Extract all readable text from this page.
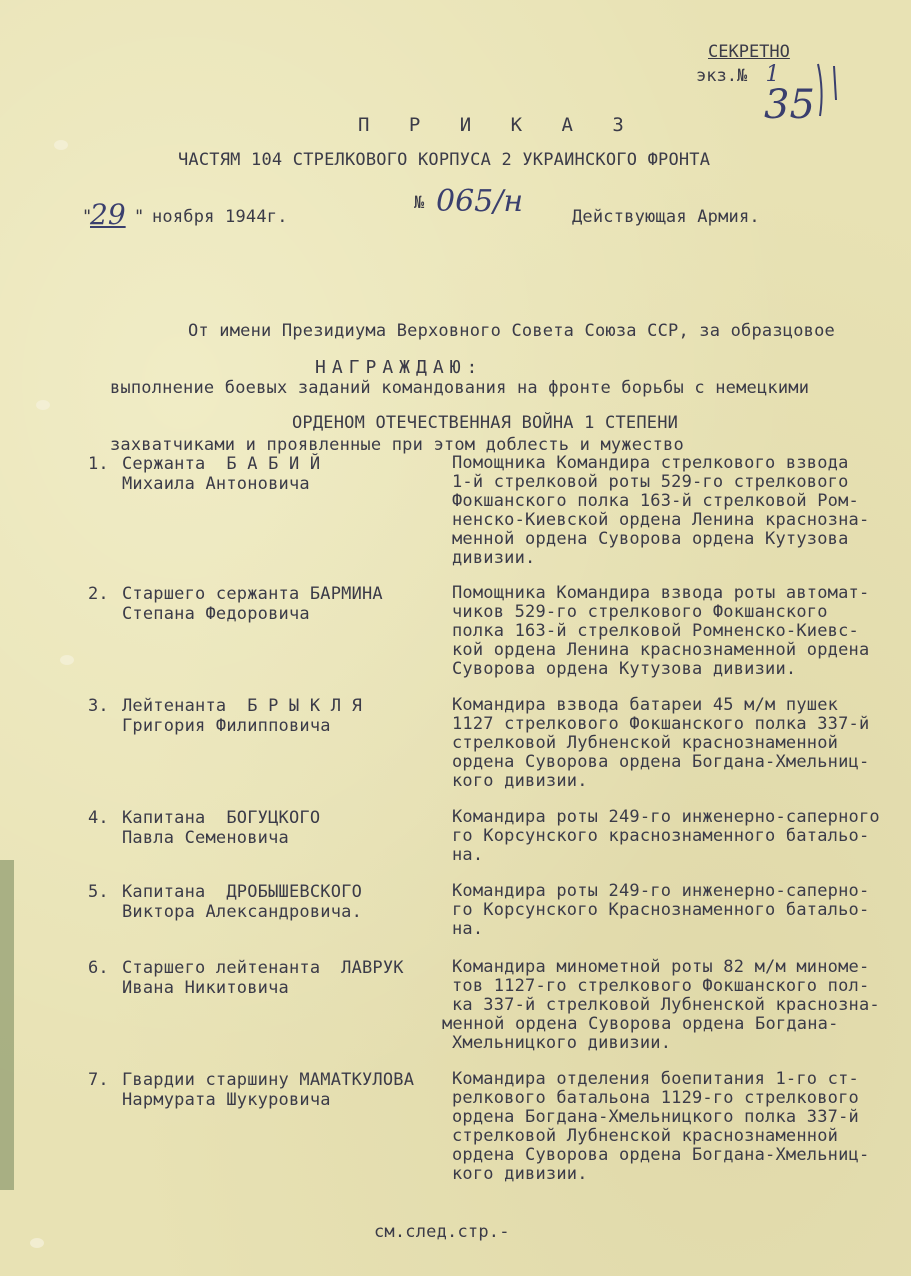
СЕКРЕТНО
экз.№ 1
35
П Р И К А З
ЧАСТЯМ 104 СТРЕЛКОВОГО КОРПУСА 2 УКРАИНСКОГО ФРОНТА
"
29 " ноября 1944г.
№ 065/н	Действующая Армия.

От имени Президиума Верховного Совета Союза ССР, за образцовое

выполнение боевых заданий командования на фронте борьбы с немецкими

захватчиками и проявленные при этом доблесть и мужество

НАГРАЖДАЮ:
ОРДЕНОМ ОТЕЧЕСТВЕННАЯ ВОЙНА 1 СТЕПЕНИ
1. Сержанта  Б А Б И Й
Михаила Антоновича
Помощника Командира стрелкового взвода
1-й стрелковой роты 529-го стрелкового
Фокшанского полка 163-й стрелковой Ром-
ненско-Киевской ордена Ленина краснозна-
менной ордена Суворова ордена Кутузова
дивизии.
2. Старшего сержанта БАРМИНА
Степана Федоровича
Помощника Командира взвода роты автомат-
чиков 529-го стрелкового Фокшанского
полка 163-й стрелковой Ромненско-Киевс-
кой ордена Ленина краснознаменной ордена
Суворова ордена Кутузова дивизии.
3. Лейтенанта  Б Р Ы К Л Я
Григория Филипповича
Командира взвода батареи 45 м/м пушек
1127 стрелкового Фокшанского полка 337-й
стрелковой Лубненской краснознаменной
ордена Суворова ордена Богдана-Хмельниц-
кого дивизии.
4. Капитана  БОГУЦКОГО
Павла Семеновича
Командира роты 249-го инженерно-саперного
го Корсунского краснознаменного батальо-
на.
5. Капитана  ДРОБЫШЕВСКОГО
Виктора Александровича.
Командира роты 249-го инженерно-саперно-
го Корсунского Краснознаменного батальо-
на.
6. Старшего лейтенанта  ЛАВРУК
Ивана Никитовича
Командира минометной роты 82 м/м миноме-
тов 1127-го стрелкового Фокшанского пол-
ка 337-й стрелковой Лубненской краснозна-
менной ордена Суворова ордена Богдана-
Хмельницкого дивизии.
7. Гвардии старшину МАМАТКУЛОВА
Нармурата Шукуровича
Командира отделения боепитания 1-го ст-
релкового батальона 1129-го стрелкового
ордена Богдана-Хмельницкого полка 337-й
стрелковой Лубненской краснознаменной
ордена Суворова ордена Богдана-Хмельниц-
кого дивизии.
см.след.стр.-
